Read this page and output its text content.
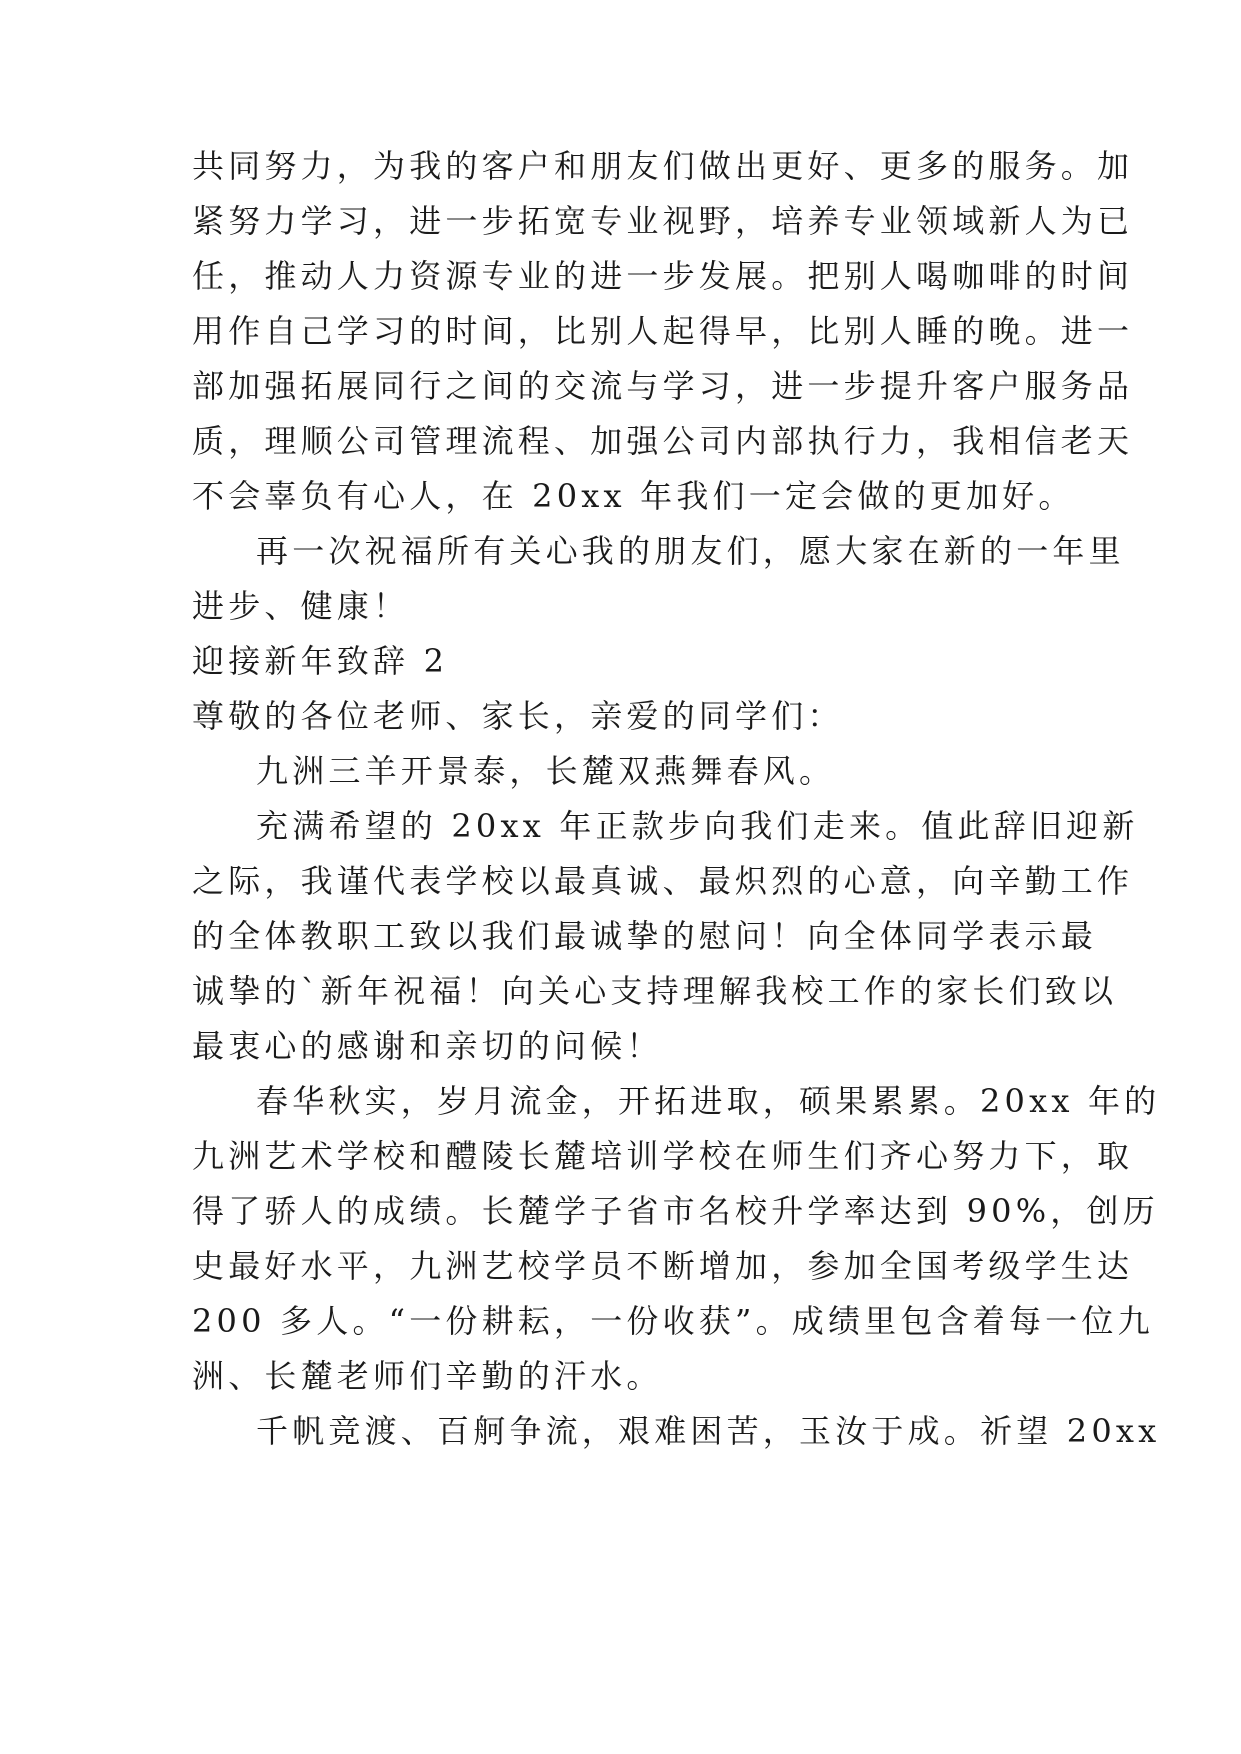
共同努力，为我的客户和朋友们做出更好、更多的服务。加
紧努力学习，进一步拓宽专业视野，培养专业领域新人为已
任，推动人力资源专业的进一步发展。把别人喝咖啡的时间
用作自己学习的时间，比别人起得早，比别人睡的晚。进一
部加强拓展同行之间的交流与学习，进一步提升客户服务品
质，理顺公司管理流程、加强公司内部执行力，我相信老天
不会辜负有心人，在 20xx 年我们一定会做的更加好。
再一次祝福所有关心我的朋友们，愿大家在新的一年里
进步、健康！
迎接新年致辞 2
尊敬的各位老师、家长，亲爱的同学们：
九洲三羊开景泰，长麓双燕舞春风。
充满希望的 20xx 年正款步向我们走来。值此辞旧迎新
之际，我谨代表学校以最真诚、最炽烈的心意，向辛勤工作
的全体教职工致以我们最诚挚的慰问！向全体同学表示最
诚挚的`新年祝福！向关心支持理解我校工作的家长们致以
最衷心的感谢和亲切的问候！
春华秋实，岁月流金，开拓进取，硕果累累。20xx 年的
九洲艺术学校和醴陵长麓培训学校在师生们齐心努力下，取
得了骄人的成绩。长麓学子省市名校升学率达到 90%，创历
史最好水平，九洲艺校学员不断增加，参加全国考级学生达
200 多人。“一份耕耘，一份收获”。成绩里包含着每一位九
洲、长麓老师们辛勤的汗水。
千帆竞渡、百舸争流，艰难困苦，玉汝于成。祈望 20xx
